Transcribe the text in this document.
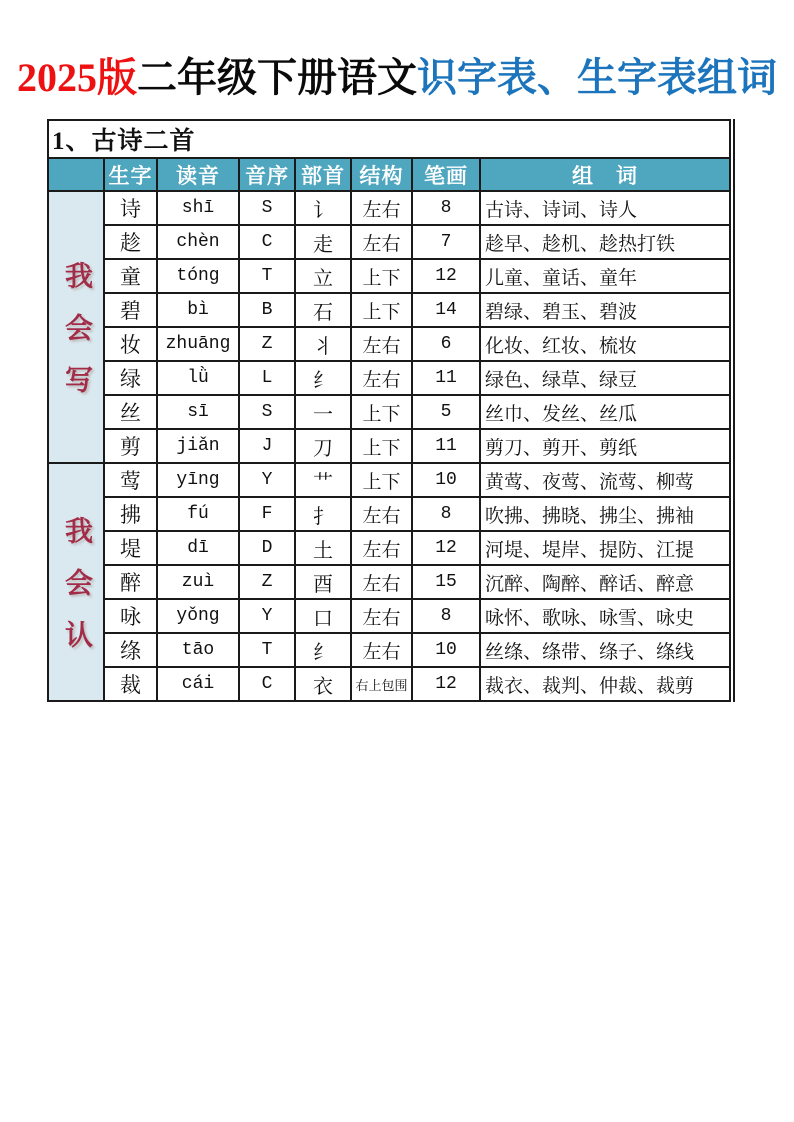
2025版二年级下册语文识字表、生字表组词
1、古诗二首							
	生字	读音	音序	部首	结构	笔画	组　词

我会写	诗	shī	S	讠	左右	8	古诗、诗词、诗人
	趁	chèn	C	走	左右	7	趁早、趁机、趁热打铁
	童	tóng	T	立	上下	12	儿童、童话、童年
	碧	bì	B	石	上下	14	碧绿、碧玉、碧波
	妆	zhuāng	Z	丬	左右	6	化妆、红妆、梳妆
	绿	lǜ	L	纟	左右	11	绿色、绿草、绿豆
	丝	sī	S	一	上下	5	丝巾、发丝、丝瓜
	剪	jiǎn	J	刀	上下	11	剪刀、剪开、剪纸

我会认	莺	yīng	Y	艹	上下	10	黄莺、夜莺、流莺、柳莺
	拂	fú	F	扌	左右	8	吹拂、拂晓、拂尘、拂袖
	堤	dī	D	土	左右	12	河堤、堤岸、提防、江提
	醉	zuì	Z	酉	左右	15	沉醉、陶醉、醉话、醉意
	咏	yǒng	Y	口	左右	8	咏怀、歌咏、咏雪、咏史
	绦	tāo	T	纟	左右	10	丝绦、绦带、绦子、绦线
	裁	cái	C	衣	右上包围	12	裁衣、裁判、仲裁、裁剪
